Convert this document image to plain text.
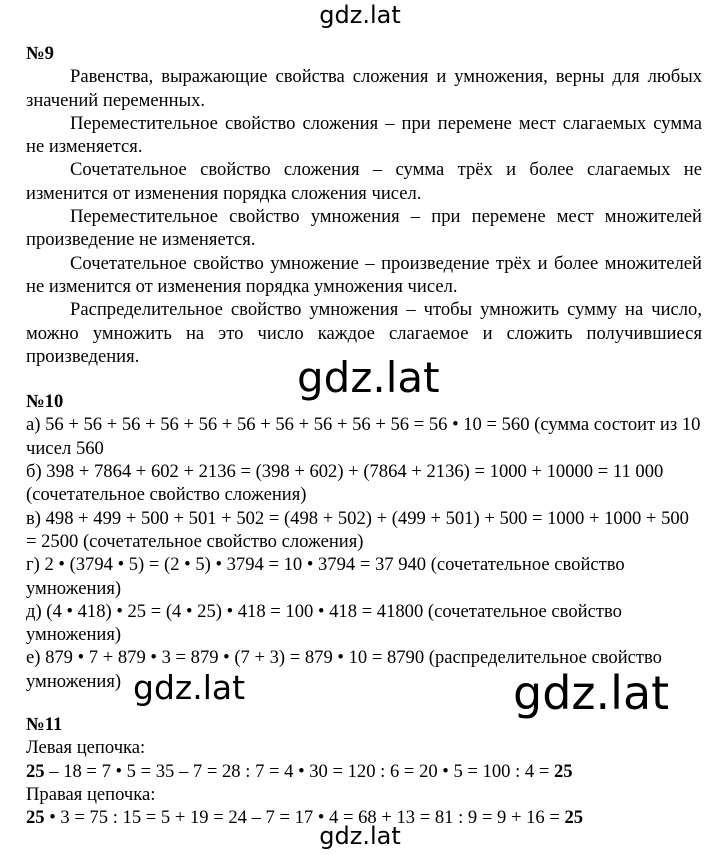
gdz.lat

№9

Равенства, выражающие свойства сложения и умножения, верны для любых значений переменных.

Переместительное свойство сложения – при перемене мест слагаемых сумма не изменяется.

Сочетательное свойство сложения – сумма трёх и более слагаемых не изменится от изменения порядка сложения чисел.

Переместительное свойство умножения – при перемене мест множителей произведение не изменяется.

Сочетательное свойство умножение – произведение трёх и более множителей не изменится от изменения порядка умножения чисел.

Распределительное свойство умножения – чтобы умножить сумму на число, можно умножить на это число каждое слагаемое и сложить получившиеся произведения.

№10

а) 56 + 56 + 56 + 56 + 56 + 56 + 56 + 56 + 56 + 56 = 56 • 10 = 560 (сумма состоит из 10 чисел 560

б) 398 + 7864 + 602 + 2136 = (398 + 602) + (7864 + 2136) = 1000 + 10000 = 11 000 (сочетательное свойство сложения)

в) 498 + 499 + 500 + 501 + 502 = (498 + 502) + (499 + 501) + 500 = 1000 + 1000 + 500 = 2500 (сочетательное свойство сложения)

г) 2 • (3794 • 5) = (2 • 5) • 3794 = 10 • 3794 = 37 940 (сочетательное свойство умножения)

д) (4 • 418) • 25 = (4 • 25) • 418 = 100 • 418 = 41800 (сочетательное свойство умножения)

е) 879 • 7 + 879 • 3 = 879 • (7 + 3) = 879 • 10 = 8790 (распределительное свойство умножения)

№11

Левая цепочка:

25 – 18 = 7 • 5 = 35 – 7 = 28 : 7 = 4 • 30 = 120 : 6 = 20 • 5 = 100 : 4 = 25

Правая цепочка:

25 • 3 = 75 : 15 = 5 + 19 = 24 – 7 = 17 • 4 = 68 + 13 = 81 : 9 = 9 + 16 = 25

gdz.lat
gdz.lat	gdz.lat
gdz.lat
